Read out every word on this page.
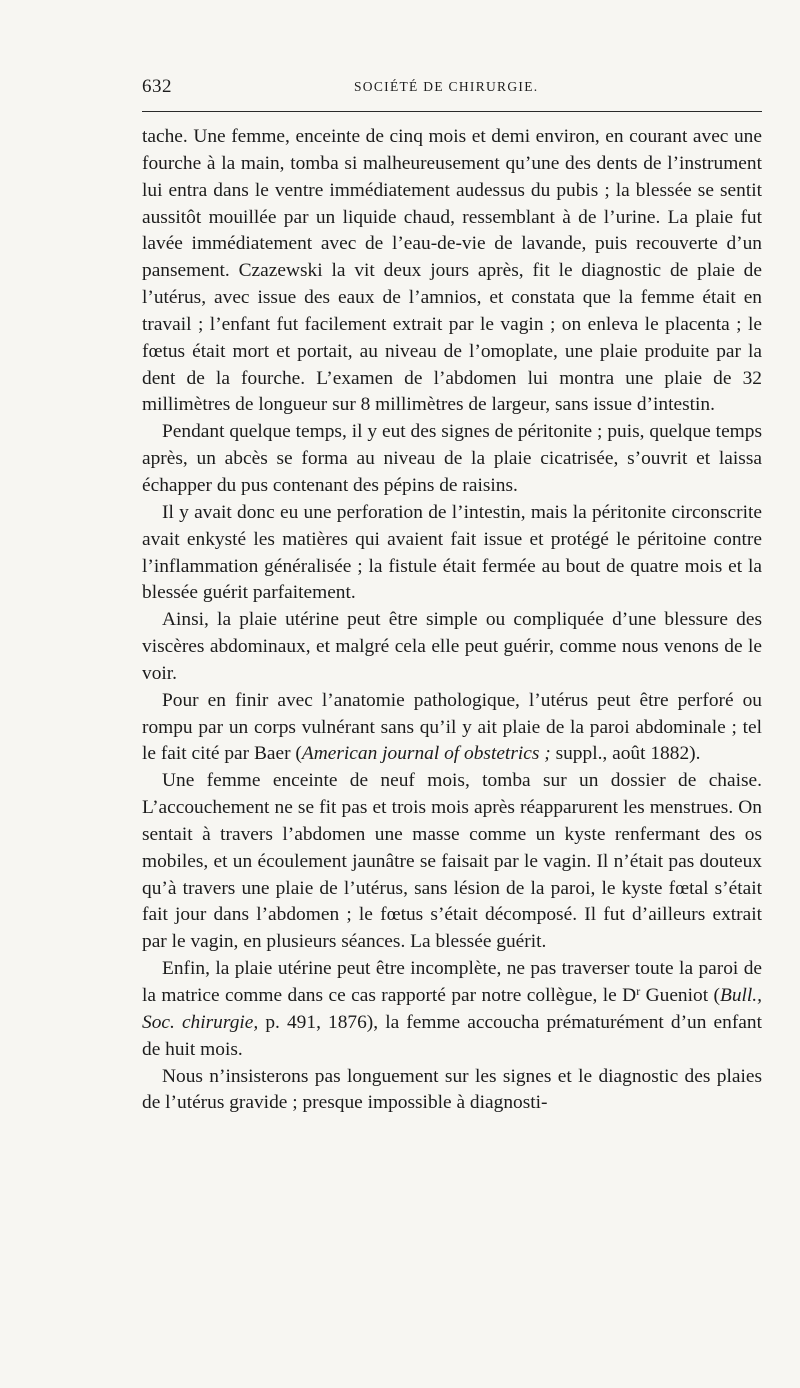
632	SOCIÉTÉ DE CHIRURGIE.

tache. Une femme, enceinte de cinq mois et demi environ, en courant avec une fourche à la main, tomba si malheureusement qu’une des dents de l’instrument lui entra dans le ventre immédiatement audessus du pubis ; la blessée se sentit aussitôt mouillée par un liquide chaud, ressemblant à de l’urine. La plaie fut lavée immédiatement avec de l’eau-de-vie de lavande, puis recouverte d’un pansement. Czazewski la vit deux jours après, fit le diagnostic de plaie de l’utérus, avec issue des eaux de l’amnios, et constata que la femme était en travail ; l’enfant fut facilement extrait par le vagin ; on enleva le placenta ; le fœtus était mort et portait, au niveau de l’omoplate, une plaie produite par la dent de la fourche. L’examen de l’abdomen lui montra une plaie de 32 millimètres de longueur sur 8 millimètres de largeur, sans issue d’intestin.

Pendant quelque temps, il y eut des signes de péritonite ; puis, quelque temps après, un abcès se forma au niveau de la plaie cicatrisée, s’ouvrit et laissa échapper du pus contenant des pépins de raisins.

Il y avait donc eu une perforation de l’intestin, mais la péritonite circonscrite avait enkysté les matières qui avaient fait issue et protégé le péritoine contre l’inflammation généralisée ; la fistule était fermée au bout de quatre mois et la blessée guérit parfaitement.

Ainsi, la plaie utérine peut être simple ou compliquée d’une blessure des viscères abdominaux, et malgré cela elle peut guérir, comme nous venons de le voir.

Pour en finir avec l’anatomie pathologique, l’utérus peut être perforé ou rompu par un corps vulnérant sans qu’il y ait plaie de la paroi abdominale ; tel le fait cité par Baer (American journal of obstetrics ; suppl., août 1882).

Une femme enceinte de neuf mois, tomba sur un dossier de chaise. L’accouchement ne se fit pas et trois mois après réapparurent les menstrues. On sentait à travers l’abdomen une masse comme un kyste renfermant des os mobiles, et un écoulement jaunâtre se faisait par le vagin. Il n’était pas douteux qu’à travers une plaie de l’utérus, sans lésion de la paroi, le kyste fœtal s’était fait jour dans l’abdomen ; le fœtus s’était décomposé. Il fut d’ailleurs extrait par le vagin, en plusieurs séances. La blessée guérit.

Enfin, la plaie utérine peut être incomplète, ne pas traverser toute la paroi de la matrice comme dans ce cas rapporté par notre collègue, le $D^r$ Gueniot (Bull., Soc. chirurgie, p. 491, 1876), la femme accoucha prématurément d’un enfant de huit mois.

Nous n’insisterons pas longuement sur les signes et le diagnostic des plaies de l’utérus gravide ; presque impossible à diagnosti-
